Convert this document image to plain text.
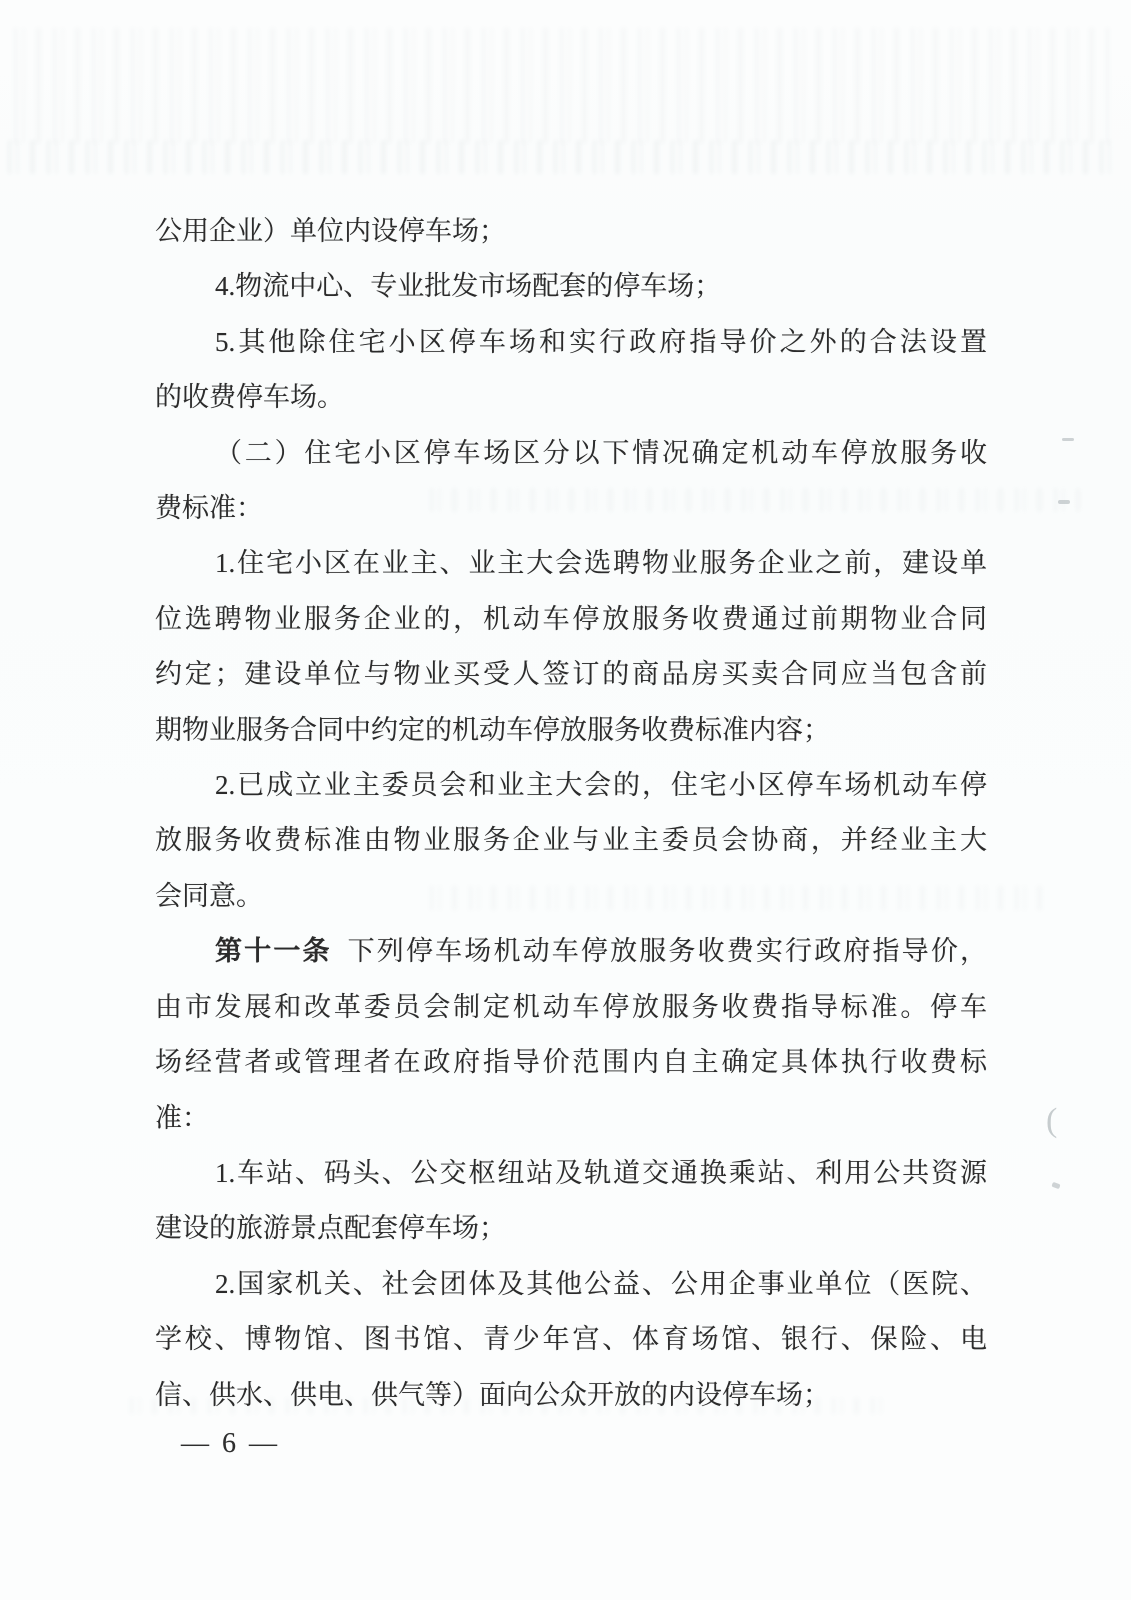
(

公用企业）单位内设停车场；

4.物流中心、专业批发市场配套的停车场；

5.其他除住宅小区停车场和实行政府指导价之外的合法设置

的收费停车场。

（二）住宅小区停车场区分以下情况确定机动车停放服务收

费标准：

1.住宅小区在业主、业主大会选聘物业服务企业之前，建设单

位选聘物业服务企业的，机动车停放服务收费通过前期物业合同

约定；建设单位与物业买受人签订的商品房买卖合同应当包含前

期物业服务合同中约定的机动车停放服务收费标准内容；

2.已成立业主委员会和业主大会的，住宅小区停车场机动车停

放服务收费标准由物业服务企业与业主委员会协商，并经业主大

会同意。

第十一条 下列停车场机动车停放服务收费实行政府指导价，

由市发展和改革委员会制定机动车停放服务收费指导标准。停车

场经营者或管理者在政府指导价范围内自主确定具体执行收费标

准：

1.车站、码头、公交枢纽站及轨道交通换乘站、利用公共资源

建设的旅游景点配套停车场；

2.国家机关、社会团体及其他公益、公用企事业单位（医院、

学校、博物馆、图书馆、青少年宫、体育场馆、银行、保险、电

信、供水、供电、供气等）面向公众开放的内设停车场；

— 6 —
